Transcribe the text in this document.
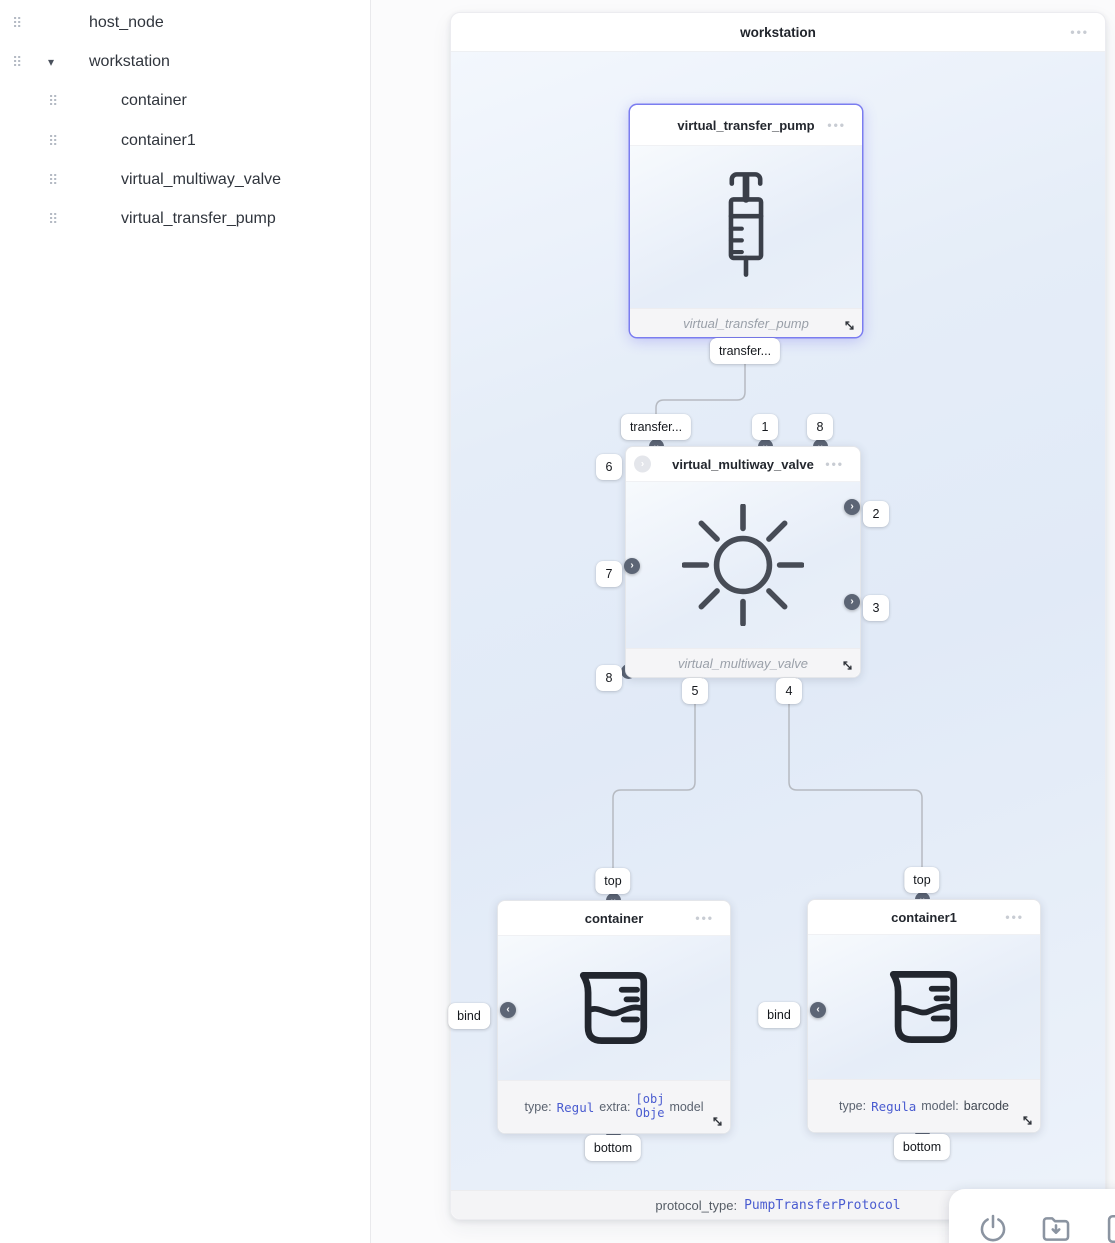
⠿	host_node
⠿ ▾ workstation
⠿	container
⠿	container1
⠿	virtual_multiway_valve
⠿	virtual_transfer_pump
workstation	•••
protocol_type: PumpTransferProtocol
virtual_transfer_pump •••
virtual_transfer_pump
›	virtual_multiway_valve •••
virtual_multiway_valve
›
›
›
container	•••
type: Regul extra:
[obj
Obje model
‹
container1	•••
type: Regula model: barcode
‹
transfer...
transfer...	1	8
6
7
8
2
3
5	4
top
bottom
bind
top
bottom
bind
